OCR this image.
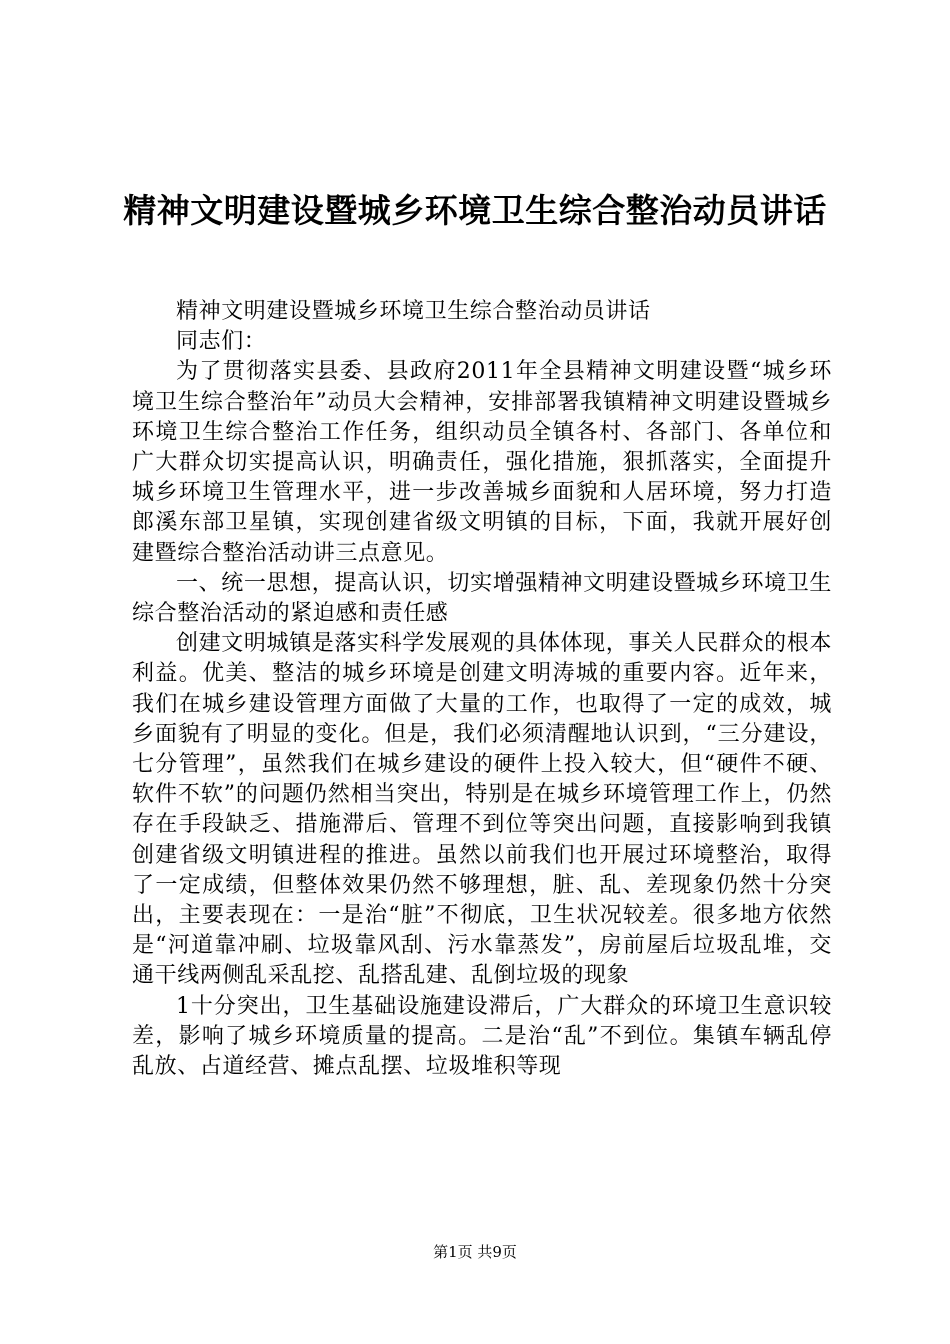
精神文明建设暨城乡环境卫生综合整治动员讲话

精神文明建设暨城乡环境卫生综合整治动员讲话

同志们：

为了贯彻落实县委、县政府2011年全县精神文明建设暨“城乡环境卫生综合整治年”动员大会精神，安排部署我镇精神文明建设暨城乡环境卫生综合整治工作任务，组织动员全镇各村、各部门、各单位和广大群众切实提高认识，明确责任，强化措施，狠抓落实，全面提升城乡环境卫生管理水平，进一步改善城乡面貌和人居环境，努力打造郎溪东部卫星镇，实现创建省级文明镇的目标，下面，我就开展好创建暨综合整治活动讲三点意见。

一、统一思想，提高认识，切实增强精神文明建设暨城乡环境卫生综合整治活动的紧迫感和责任感

创建文明城镇是落实科学发展观的具体体现，事关人民群众的根本利益。优美、整洁的城乡环境是创建文明涛城的重要内容。近年来，我们在城乡建设管理方面做了大量的工作，也取得了一定的成效，城乡面貌有了明显的变化。但是，我们必须清醒地认识到，“三分建设，七分管理”，虽然我们在城乡建设的硬件上投入较大，但“硬件不硬、软件不软”的问题仍然相当突出，特别是在城乡环境管理工作上，仍然存在手段缺乏、措施滞后、管理不到位等突出问题，直接影响到我镇创建省级文明镇进程的推进。虽然以前我们也开展过环境整治，取得了一定成绩，但整体效果仍然不够理想，脏、乱、差现象仍然十分突出，主要表现在：一是治“脏”不彻底，卫生状况较差。很多地方依然是“河道靠冲刷、垃圾靠风刮、污水靠蒸发”，房前屋后垃圾乱堆，交通干线两侧乱采乱挖、乱搭乱建、乱倒垃圾的现象

1十分突出，卫生基础设施建设滞后，广大群众的环境卫生意识较差，影响了城乡环境质量的提高。二是治“乱”不到位。集镇车辆乱停乱放、占道经营、摊点乱摆、垃圾堆积等现

第1页 共9页
